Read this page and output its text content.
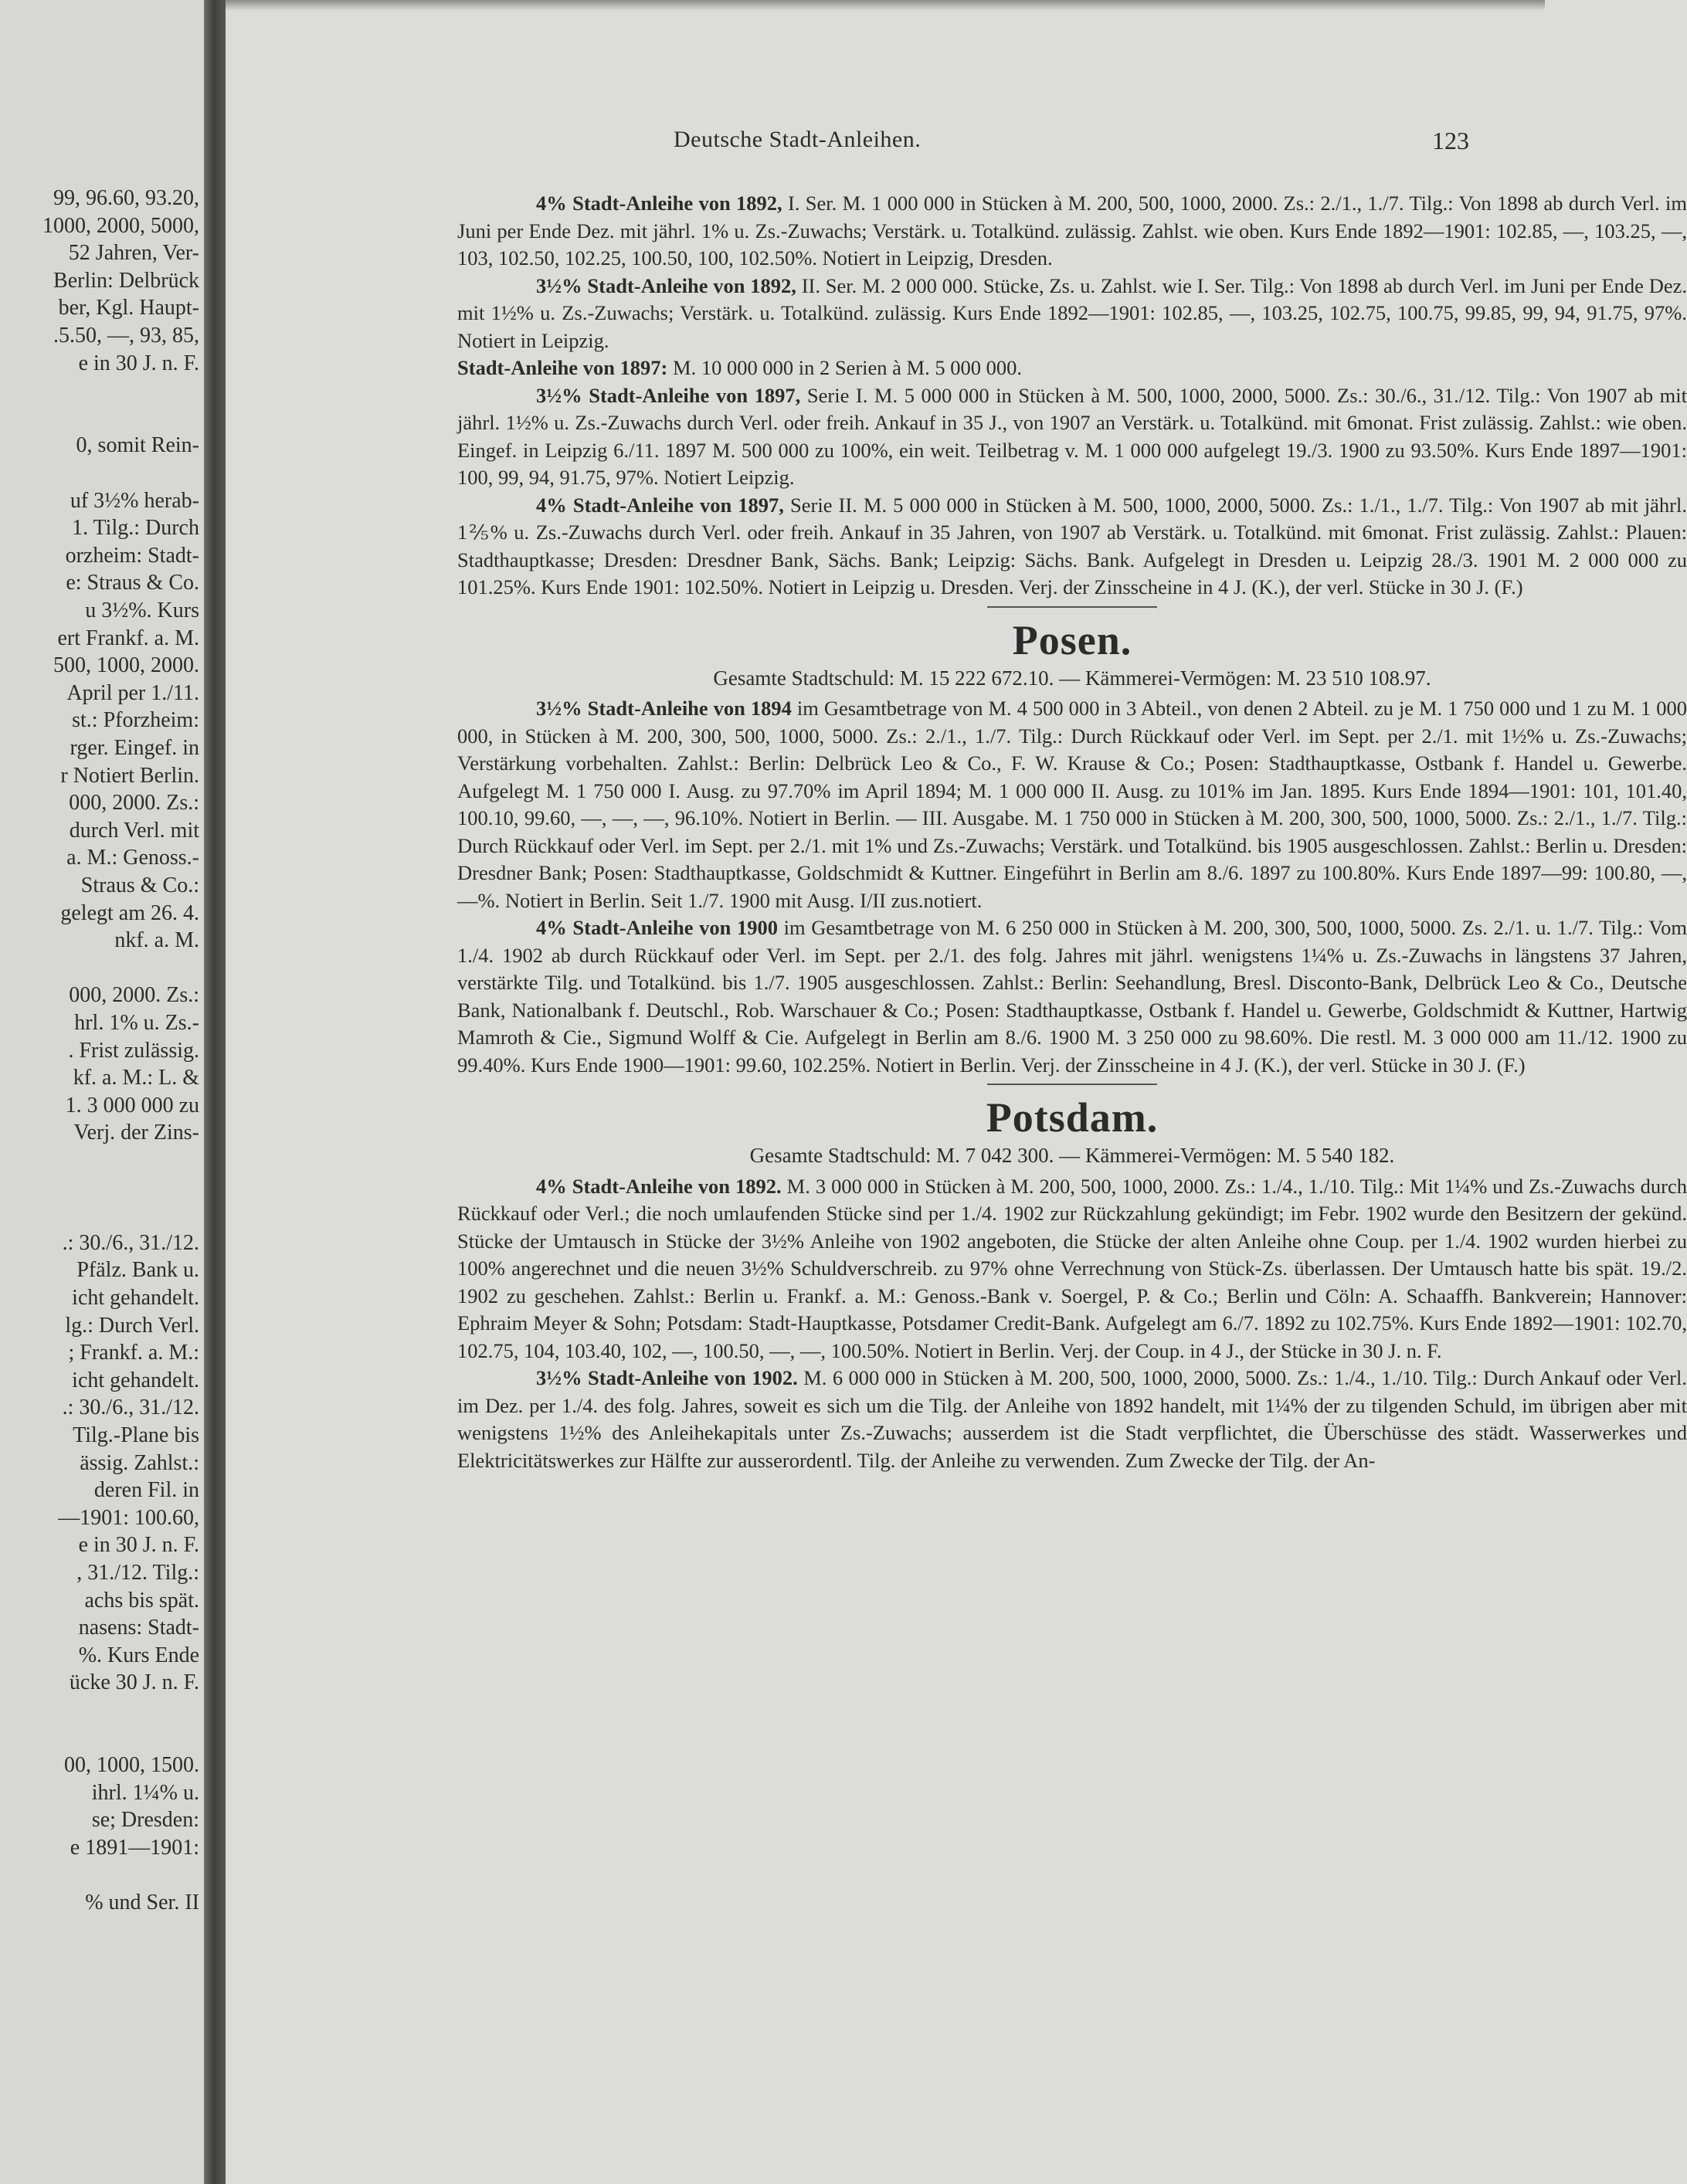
99, 96.60, 93.20,
1000, 2000, 5000,
52 Jahren, Ver-
Berlin: Delbrück
ber, Kgl. Haupt-
.5.50, —, 93, 85,
e in 30 J. n. F.
0, somit Rein-
uf 3½% herab-
1. Tilg.: Durch
orzheim: Stadt-
e: Straus & Co.
u 3½%. Kurs
ert Frankf. a. M.
500, 1000, 2000.
April per 1./11.
st.: Pforzheim:
rger. Eingef. in
r Notiert Berlin.
000, 2000. Zs.:
durch Verl. mit
a. M.: Genoss.-
Straus & Co.:
gelegt am 26. 4.
nkf. a. M.
000, 2000. Zs.:
hrl. 1% u. Zs.-
. Frist zulässig.
kf. a. M.: L. &
1. 3 000 000 zu
Verj. der Zins-
.: 30./6., 31./12.
Pfälz. Bank u.
icht gehandelt.
lg.: Durch Verl.
; Frankf. a. M.:
icht gehandelt.
.: 30./6., 31./12.
Tilg.-Plane bis
ässig. Zahlst.:
deren Fil. in
—1901: 100.60,
e in 30 J. n. F.
, 31./12. Tilg.:
achs bis spät.
nasens: Stadt-
%. Kurs Ende
ücke 30 J. n. F.
00, 1000, 1500.
ihrl. 1¼% u.
se; Dresden:
e 1891—1901:
% und Ser. II
Deutsche Stadt-Anleihen.	123

4% Stadt-Anleihe von 1892, I. Ser. M. 1 000 000 in Stücken à M. 200, 500, 1000, 2000. Zs.: 2./1., 1./7. Tilg.: Von 1898 ab durch Verl. im Juni per Ende Dez. mit jährl. 1% u. Zs.-Zuwachs; Verstärk. u. Totalkünd. zulässig. Zahlst. wie oben. Kurs Ende 1892—1901: 102.85, —, 103.25, —, 103, 102.50, 102.25, 100.50, 100, 102.50%. Notiert in Leipzig, Dresden.

3½% Stadt-Anleihe von 1892, II. Ser. M. 2 000 000. Stücke, Zs. u. Zahlst. wie I. Ser. Tilg.: Von 1898 ab durch Verl. im Juni per Ende Dez. mit 1½% u. Zs.-Zuwachs; Verstärk. u. Totalkünd. zulässig. Kurs Ende 1892—1901: 102.85, —, 103.25, 102.75, 100.75, 99.85, 99, 94, 91.75, 97%. Notiert in Leipzig.

Stadt-Anleihe von 1897: M. 10 000 000 in 2 Serien à M. 5 000 000.

3½% Stadt-Anleihe von 1897, Serie I. M. 5 000 000 in Stücken à M. 500, 1000, 2000, 5000. Zs.: 30./6., 31./12. Tilg.: Von 1907 ab mit jährl. 1½% u. Zs.-Zuwachs durch Verl. oder freih. Ankauf in 35 J., von 1907 an Verstärk. u. Totalkünd. mit 6monat. Frist zulässig. Zahlst.: wie oben. Eingef. in Leipzig 6./11. 1897 M. 500 000 zu 100%, ein weit. Teilbetrag v. M. 1 000 000 aufgelegt 19./3. 1900 zu 93.50%. Kurs Ende 1897—1901: 100, 99, 94, 91.75, 97%. Notiert Leipzig.

4% Stadt-Anleihe von 1897, Serie II. M. 5 000 000 in Stücken à M. 500, 1000, 2000, 5000. Zs.: 1./1., 1./7. Tilg.: Von 1907 ab mit jährl. 1⅖% u. Zs.-Zuwachs durch Verl. oder freih. Ankauf in 35 Jahren, von 1907 ab Verstärk. u. Totalkünd. mit 6monat. Frist zulässig. Zahlst.: Plauen: Stadthauptkasse; Dresden: Dresdner Bank, Sächs. Bank; Leipzig: Sächs. Bank. Aufgelegt in Dresden u. Leipzig 28./3. 1901 M. 2 000 000 zu 101.25%. Kurs Ende 1901: 102.50%. Notiert in Leipzig u. Dresden. Verj. der Zinsscheine in 4 J. (K.), der verl. Stücke in 30 J. (F.)

Posen.
Gesamte Stadtschuld: M. 15 222 672.10. — Kämmerei-Vermögen: M. 23 510 108.97.

3½% Stadt-Anleihe von 1894 im Gesamtbetrage von M. 4 500 000 in 3 Abteil., von denen 2 Abteil. zu je M. 1 750 000 und 1 zu M. 1 000 000, in Stücken à M. 200, 300, 500, 1000, 5000. Zs.: 2./1., 1./7. Tilg.: Durch Rückkauf oder Verl. im Sept. per 2./1. mit 1½% u. Zs.-Zuwachs; Verstärkung vorbehalten. Zahlst.: Berlin: Delbrück Leo & Co., F. W. Krause & Co.; Posen: Stadthauptkasse, Ostbank f. Handel u. Gewerbe. Aufgelegt M. 1 750 000 I. Ausg. zu 97.70% im April 1894; M. 1 000 000 II. Ausg. zu 101% im Jan. 1895. Kurs Ende 1894—1901: 101, 101.40, 100.10, 99.60, —, —, —, 96.10%. Notiert in Berlin. — III. Ausgabe. M. 1 750 000 in Stücken à M. 200, 300, 500, 1000, 5000. Zs.: 2./1., 1./7. Tilg.: Durch Rückkauf oder Verl. im Sept. per 2./1. mit 1% und Zs.-Zuwachs; Verstärk. und Totalkünd. bis 1905 ausgeschlossen. Zahlst.: Berlin u. Dresden: Dresdner Bank; Posen: Stadthauptkasse, Goldschmidt & Kuttner. Eingeführt in Berlin am 8./6. 1897 zu 100.80%. Kurs Ende 1897—99: 100.80, —, —%. Notiert in Berlin. Seit 1./7. 1900 mit Ausg. I/II zus.notiert.

4% Stadt-Anleihe von 1900 im Gesamtbetrage von M. 6 250 000 in Stücken à M. 200, 300, 500, 1000, 5000. Zs. 2./1. u. 1./7. Tilg.: Vom 1./4. 1902 ab durch Rückkauf oder Verl. im Sept. per 2./1. des folg. Jahres mit jährl. wenigstens 1¼% u. Zs.-Zuwachs in längstens 37 Jahren, verstärkte Tilg. und Totalkünd. bis 1./7. 1905 ausgeschlossen. Zahlst.: Berlin: Seehandlung, Bresl. Disconto-Bank, Delbrück Leo & Co., Deutsche Bank, Nationalbank f. Deutschl., Rob. Warschauer & Co.; Posen: Stadthauptkasse, Ostbank f. Handel u. Gewerbe, Goldschmidt & Kuttner, Hartwig Mamroth & Cie., Sigmund Wolff & Cie. Aufgelegt in Berlin am 8./6. 1900 M. 3 250 000 zu 98.60%. Die restl. M. 3 000 000 am 11./12. 1900 zu 99.40%. Kurs Ende 1900—1901: 99.60, 102.25%. Notiert in Berlin. Verj. der Zinsscheine in 4 J. (K.), der verl. Stücke in 30 J. (F.)

Potsdam.
Gesamte Stadtschuld: M. 7 042 300. — Kämmerei-Vermögen: M. 5 540 182.

4% Stadt-Anleihe von 1892. M. 3 000 000 in Stücken à M. 200, 500, 1000, 2000. Zs.: 1./4., 1./10. Tilg.: Mit 1¼% und Zs.-Zuwachs durch Rückkauf oder Verl.; die noch umlaufenden Stücke sind per 1./4. 1902 zur Rückzahlung gekündigt; im Febr. 1902 wurde den Besitzern der gekünd. Stücke der Umtausch in Stücke der 3½% Anleihe von 1902 angeboten, die Stücke der alten Anleihe ohne Coup. per 1./4. 1902 wurden hierbei zu 100% angerechnet und die neuen 3½% Schuldverschreib. zu 97% ohne Verrechnung von Stück-Zs. überlassen. Der Umtausch hatte bis spät. 19./2. 1902 zu geschehen. Zahlst.: Berlin u. Frankf. a. M.: Genoss.-Bank v. Soergel, P. & Co.; Berlin und Cöln: A. Schaaffh. Bankverein; Hannover: Ephraim Meyer & Sohn; Potsdam: Stadt-Hauptkasse, Potsdamer Credit-Bank. Aufgelegt am 6./7. 1892 zu 102.75%. Kurs Ende 1892—1901: 102.70, 102.75, 104, 103.40, 102, —, 100.50, —, —, 100.50%. Notiert in Berlin. Verj. der Coup. in 4 J., der Stücke in 30 J. n. F.

3½% Stadt-Anleihe von 1902. M. 6 000 000 in Stücken à M. 200, 500, 1000, 2000, 5000. Zs.: 1./4., 1./10. Tilg.: Durch Ankauf oder Verl. im Dez. per 1./4. des folg. Jahres, soweit es sich um die Tilg. der Anleihe von 1892 handelt, mit 1¼% der zu tilgenden Schuld, im übrigen aber mit wenigstens 1½% des Anleihekapitals unter Zs.-Zuwachs; ausserdem ist die Stadt verpflichtet, die Überschüsse des städt. Wasserwerkes und Elektricitätswerkes zur Hälfte zur ausserordentl. Tilg. der Anleihe zu verwenden. Zum Zwecke der Tilg. der An-
